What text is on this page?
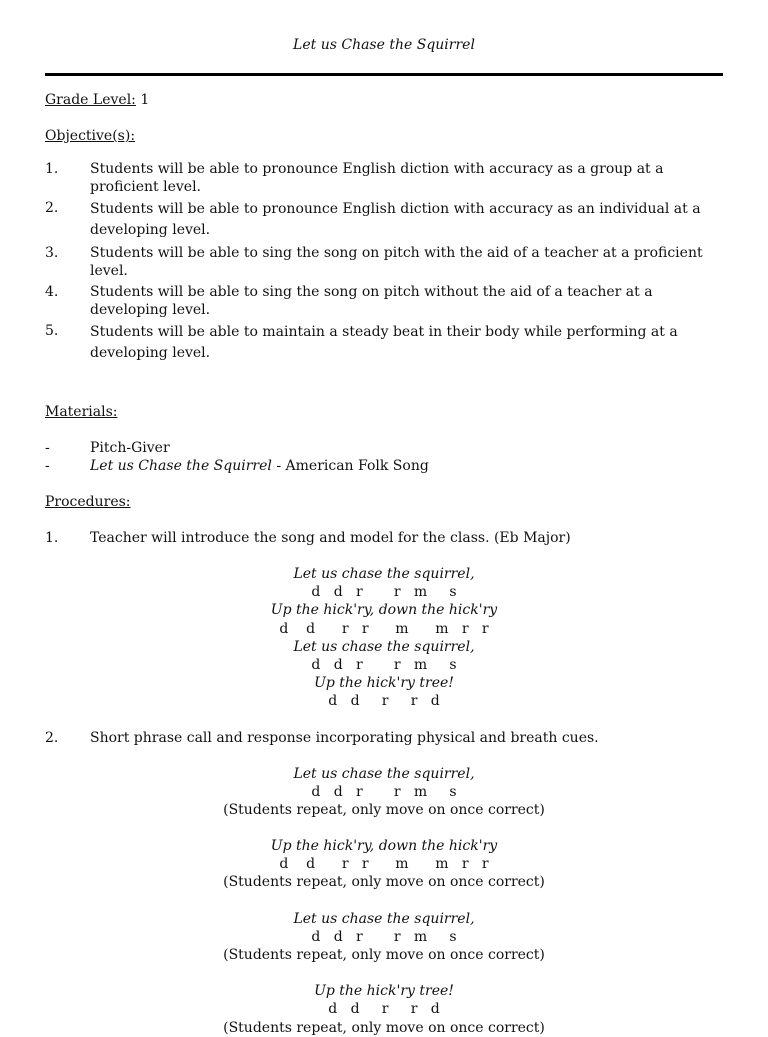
Let us Chase the Squirrel
Grade Level: 1
Objective(s):
1.	Students will be able to pronounce English diction with accuracy as a group at a proficient level.
2.	Students will be able to pronounce English diction with accuracy as an individual at a developing level.
3.	Students will be able to sing the song on pitch with the aid of a teacher at a proficient level.
4.	Students will be able to sing the song on pitch without the aid of a teacher at a developing level.
5.	Students will be able to maintain a steady beat in their body while performing at a developing level.
Materials:
-	Pitch-Giver
-	Let us Chase the Squirrel - American Folk Song
Procedures:
1.	Teacher will introduce the song and model for the class. (Eb Major)
Let us chase the squirrel,
d   d   r       r   m     s
Up the hick'ry, down the hick'ry
d    d      r   r      m      m   r   r
Let us chase the squirrel,
d   d   r       r   m     s
Up the hick'ry tree!
d   d     r     r   d
2.	Short phrase call and response incorporating physical and breath cues.
Let us chase the squirrel,
d   d   r       r   m     s
(Students repeat, only move on once correct)
Up the hick'ry, down the hick'ry
d    d      r   r      m      m   r   r
(Students repeat, only move on once correct)
Let us chase the squirrel,
d   d   r       r   m     s
(Students repeat, only move on once correct)
Up the hick'ry tree!
d   d     r     r   d
(Students repeat, only move on once correct)
